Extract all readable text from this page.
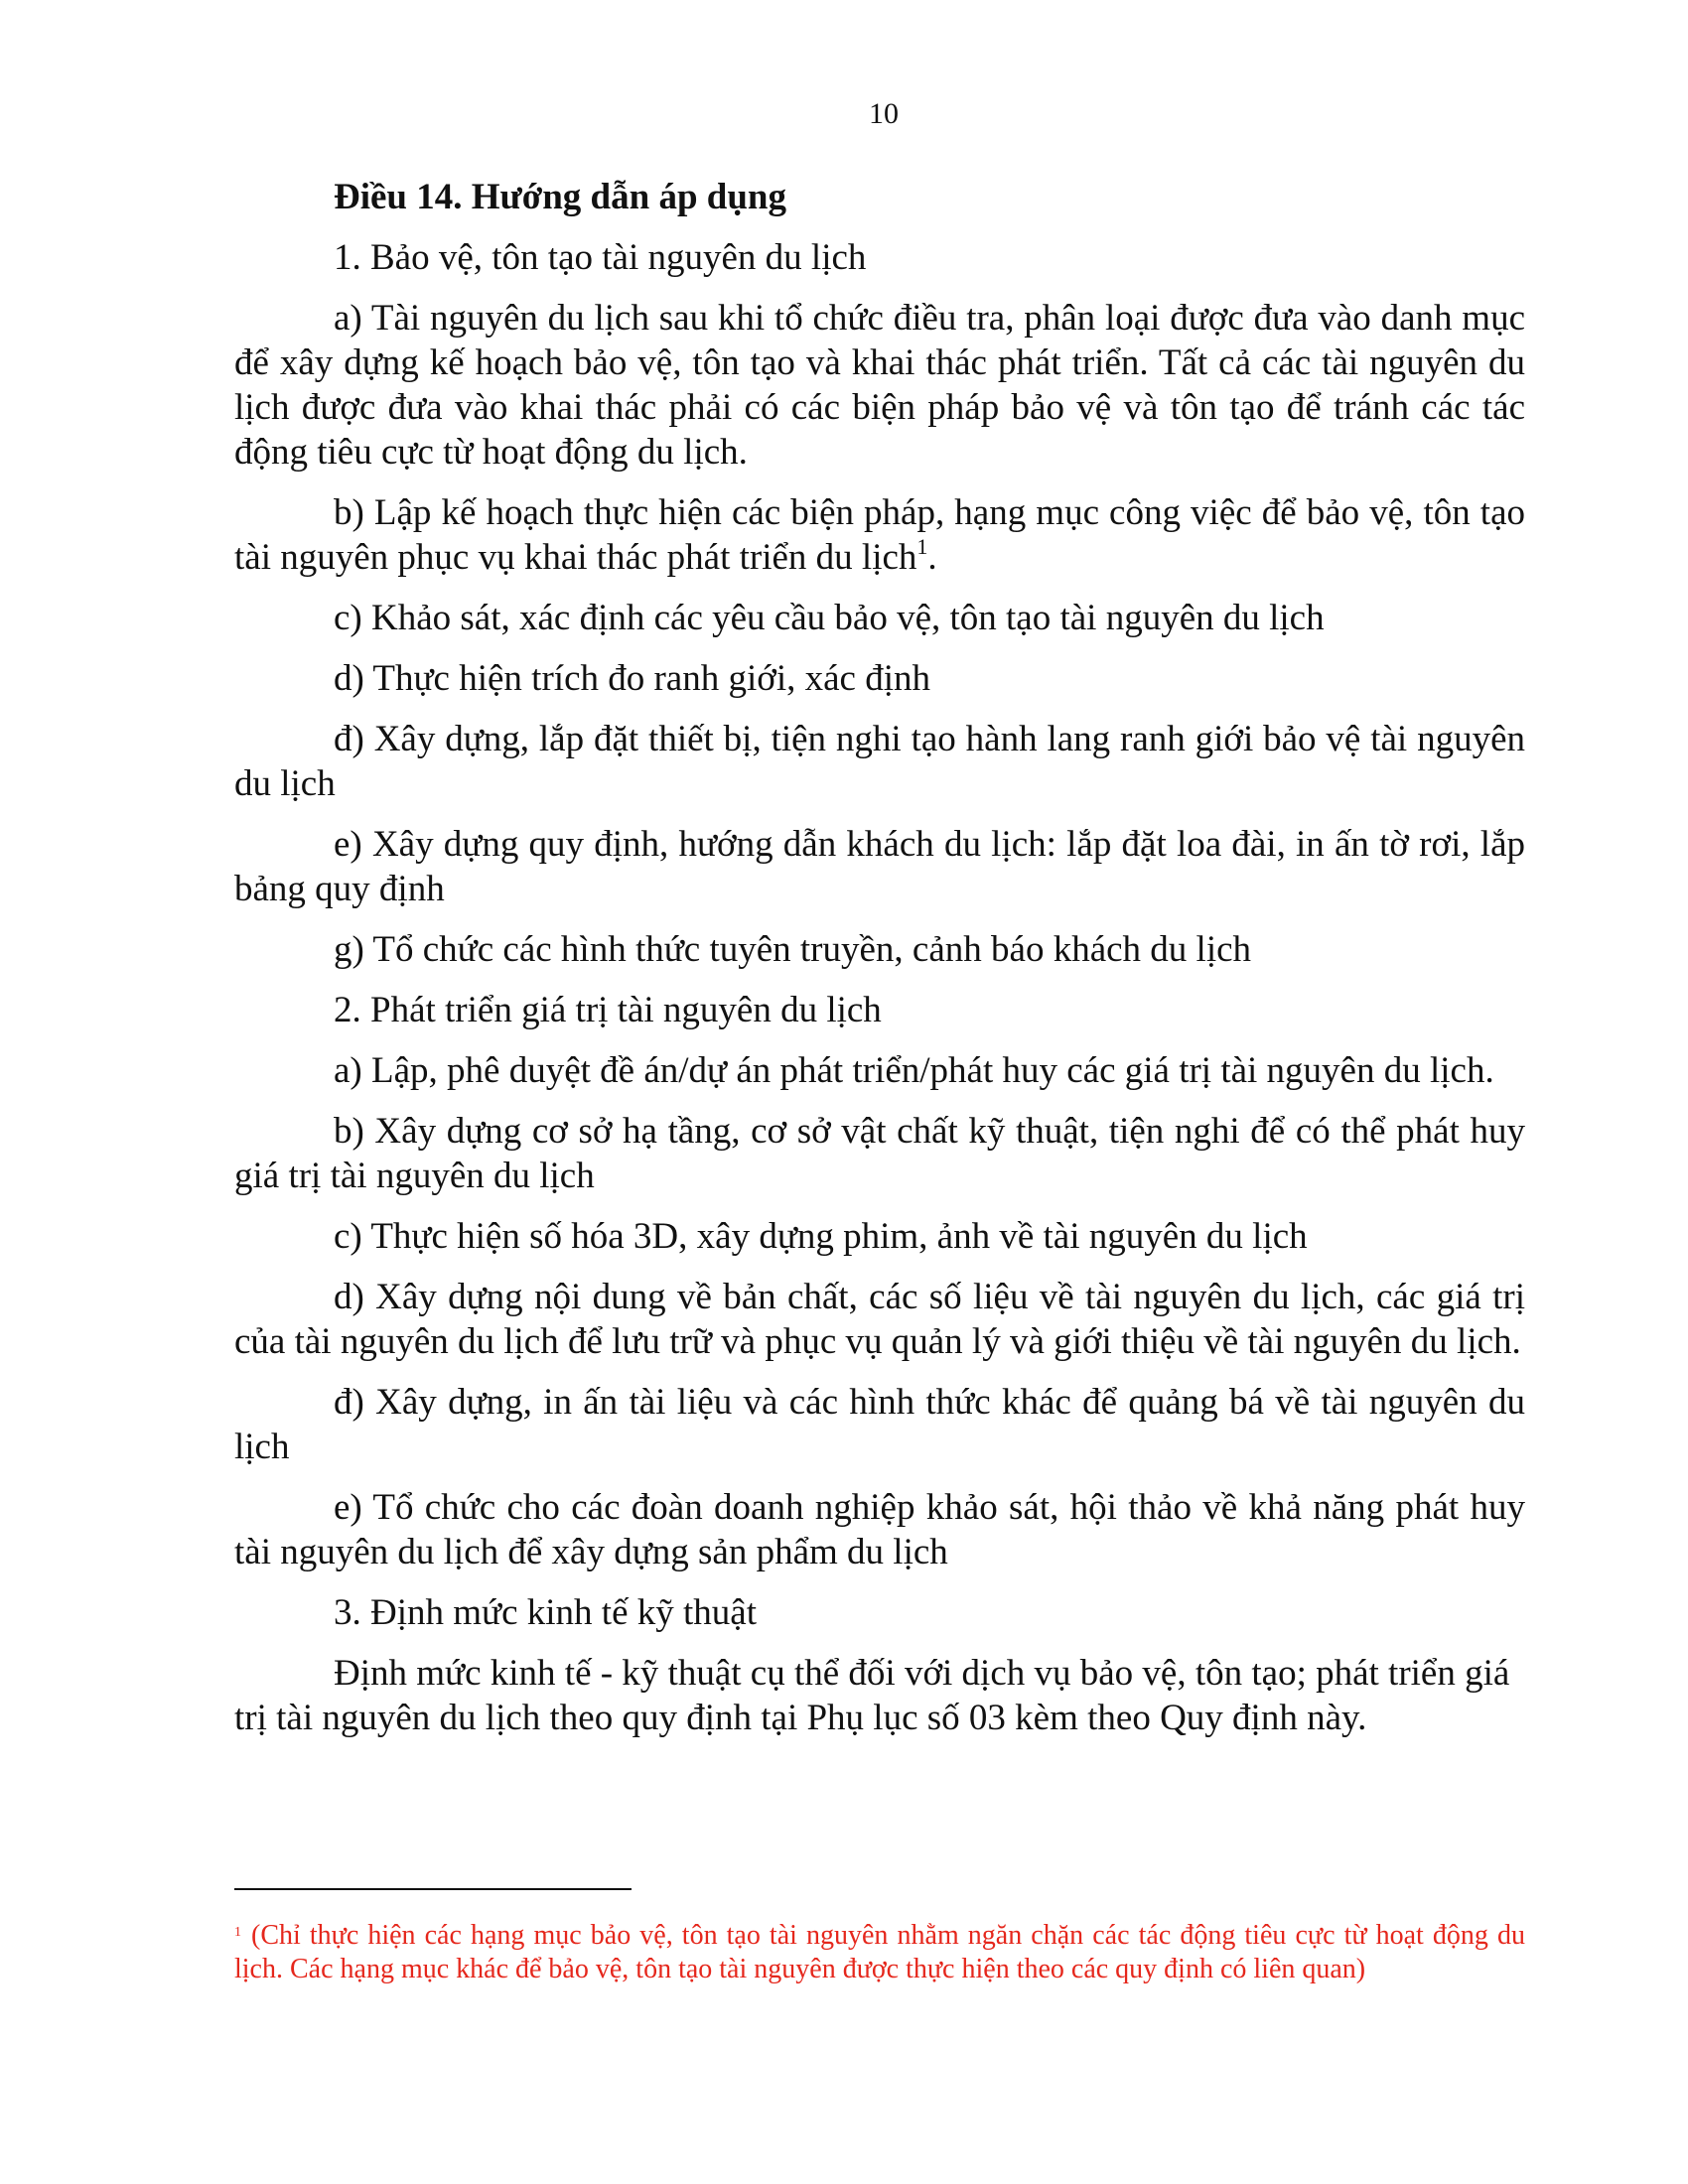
10

Điều 14. Hướng dẫn áp dụng

1. Bảo vệ, tôn tạo tài nguyên du lịch

a) Tài nguyên du lịch sau khi tổ chức điều tra, phân loại được đưa vào danh mục để xây dựng kế hoạch bảo vệ, tôn tạo và khai thác phát triển. Tất cả các tài nguyên du lịch được đưa vào khai thác phải có các biện pháp bảo vệ và tôn tạo để tránh các tác động tiêu cực từ hoạt động du lịch.

b) Lập kế hoạch thực hiện các biện pháp, hạng mục công việc để bảo vệ, tôn tạo tài nguyên phục vụ khai thác phát triển du lịch$^1$.

c) Khảo sát, xác định các yêu cầu bảo vệ, tôn tạo tài nguyên du lịch

d) Thực hiện trích đo ranh giới, xác định

đ) Xây dựng, lắp đặt thiết bị, tiện nghi tạo hành lang ranh giới bảo vệ tài nguyên du lịch

e) Xây dựng quy định, hướng dẫn khách du lịch: lắp đặt loa đài, in ấn tờ rơi, lắp bảng quy định

g) Tổ chức các hình thức tuyên truyền, cảnh báo khách du lịch

2. Phát triển giá trị tài nguyên du lịch

a) Lập, phê duyệt đề án/dự án phát triển/phát huy các giá trị tài nguyên du lịch.

b) Xây dựng cơ sở hạ tầng, cơ sở vật chất kỹ thuật, tiện nghi để có thể phát huy giá trị tài nguyên du lịch

c) Thực hiện số hóa 3D, xây dựng phim, ảnh về tài nguyên du lịch

d) Xây dựng nội dung về bản chất, các số liệu về tài nguyên du lịch, các giá trị của tài nguyên du lịch để lưu trữ và phục vụ quản lý và giới thiệu về tài nguyên du lịch.

đ) Xây dựng, in ấn tài liệu và các hình thức khác để quảng bá về tài nguyên du lịch

e) Tổ chức cho các đoàn doanh nghiệp khảo sát, hội thảo về khả năng phát huy tài nguyên du lịch để xây dựng sản phẩm du lịch

3. Định mức kinh tế kỹ thuật

Định mức kinh tế - kỹ thuật cụ thể đối với dịch vụ bảo vệ, tôn tạo; phát triển giá trị tài nguyên du lịch theo quy định tại Phụ lục số 03 kèm theo Quy định này.

$^1$ (Chỉ thực hiện các hạng mục bảo vệ, tôn tạo tài nguyên nhằm ngăn chặn các tác động tiêu cực từ hoạt động du lịch. Các hạng mục khác để bảo vệ, tôn tạo tài nguyên được thực hiện theo các quy định có liên quan)
